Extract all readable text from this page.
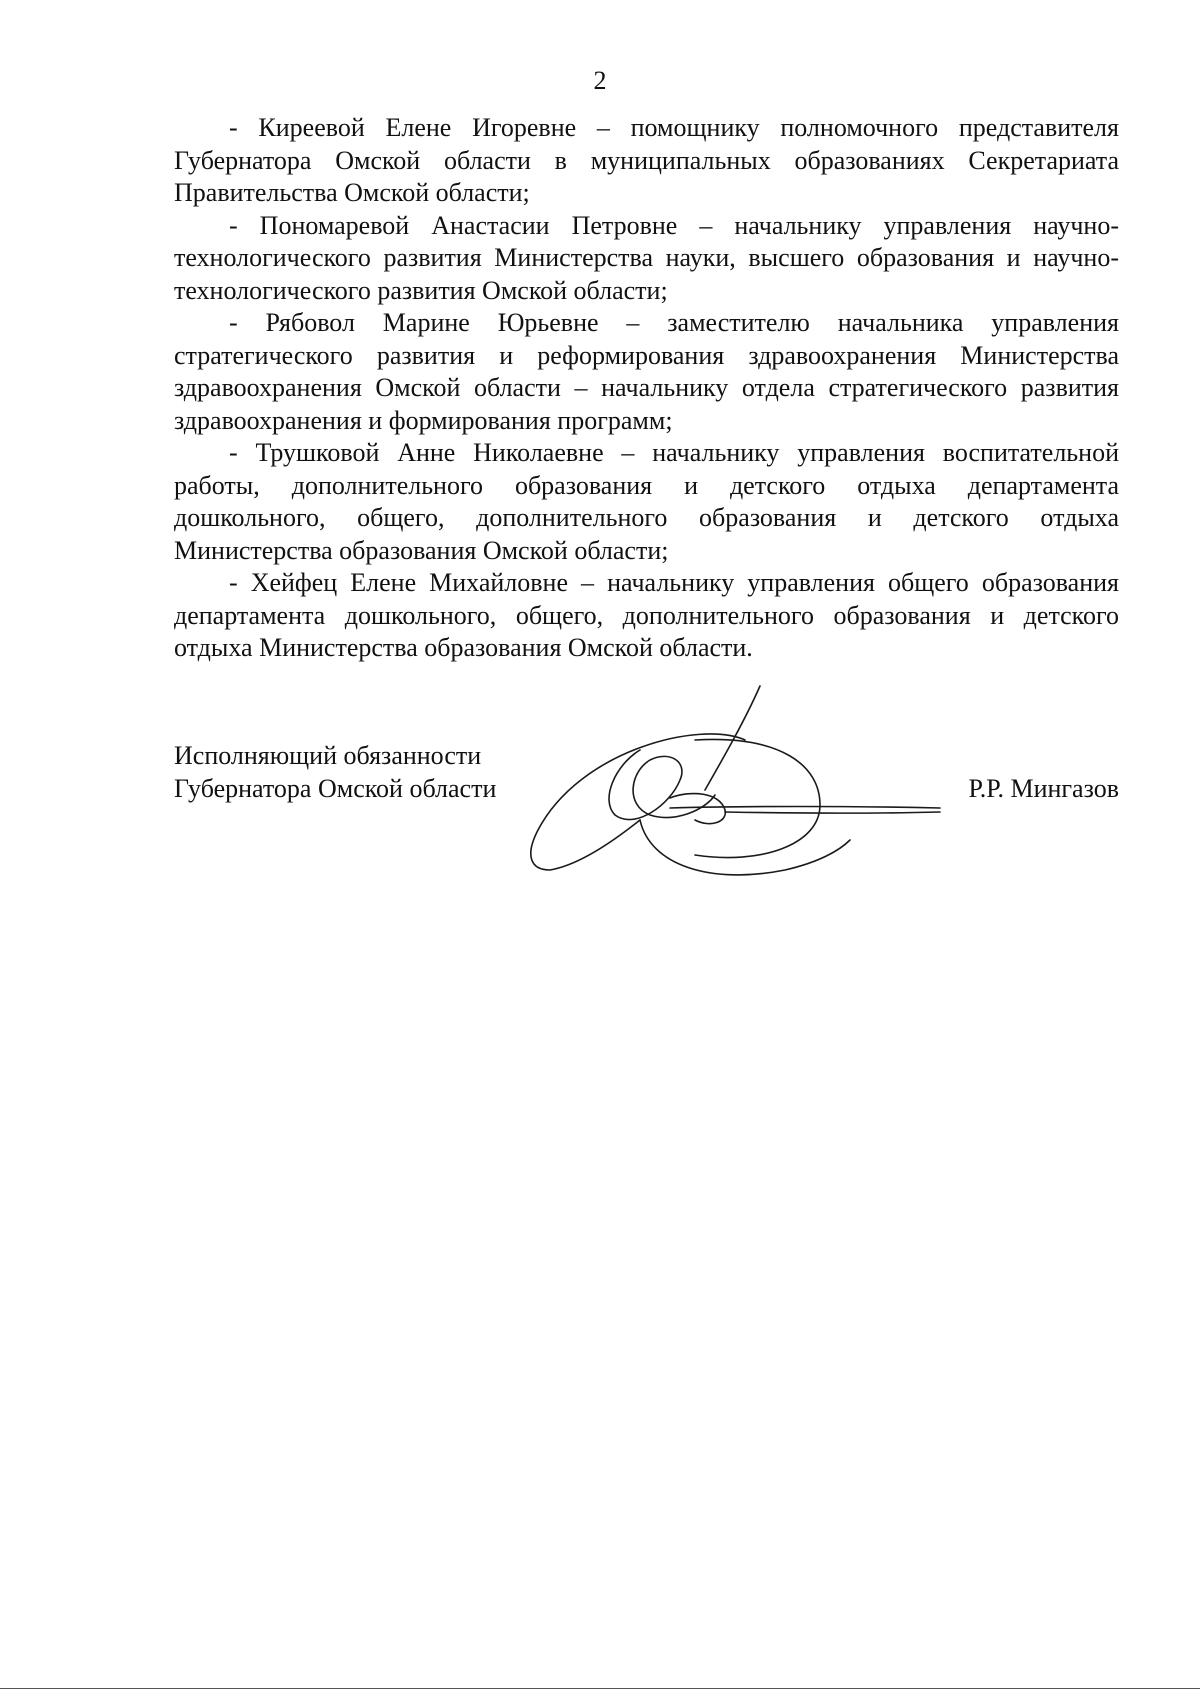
2

- Киреевой Елене Игоревне – помощнику полномочного представителя Губернатора Омской области в муниципальных образованиях Секретариата Правительства Омской области;

- Пономаревой Анастасии Петровне – начальнику управления научно-технологического развития Министерства науки, высшего образования и научно-технологического развития Омской области;

- Рябовол Марине Юрьевне – заместителю начальника управления стратегического развития и реформирования здравоохранения Министерства здравоохранения Омской области – начальнику отдела стратегического развития здравоохранения и формирования программ;

- Трушковой Анне Николаевне – начальнику управления воспитательной работы, дополнительного образования и детского отдыха департамента дошкольного, общего, дополнительного образования и детского отдыха Министерства образования Омской области;

- Хейфец Елене Михайловне – начальнику управления общего образования департамента дошкольного, общего, дополнительного образования и детского отдыха Министерства образования Омской области.

Исполняющий обязанности
Губернатора Омской области	Р.Р. Мингазов
